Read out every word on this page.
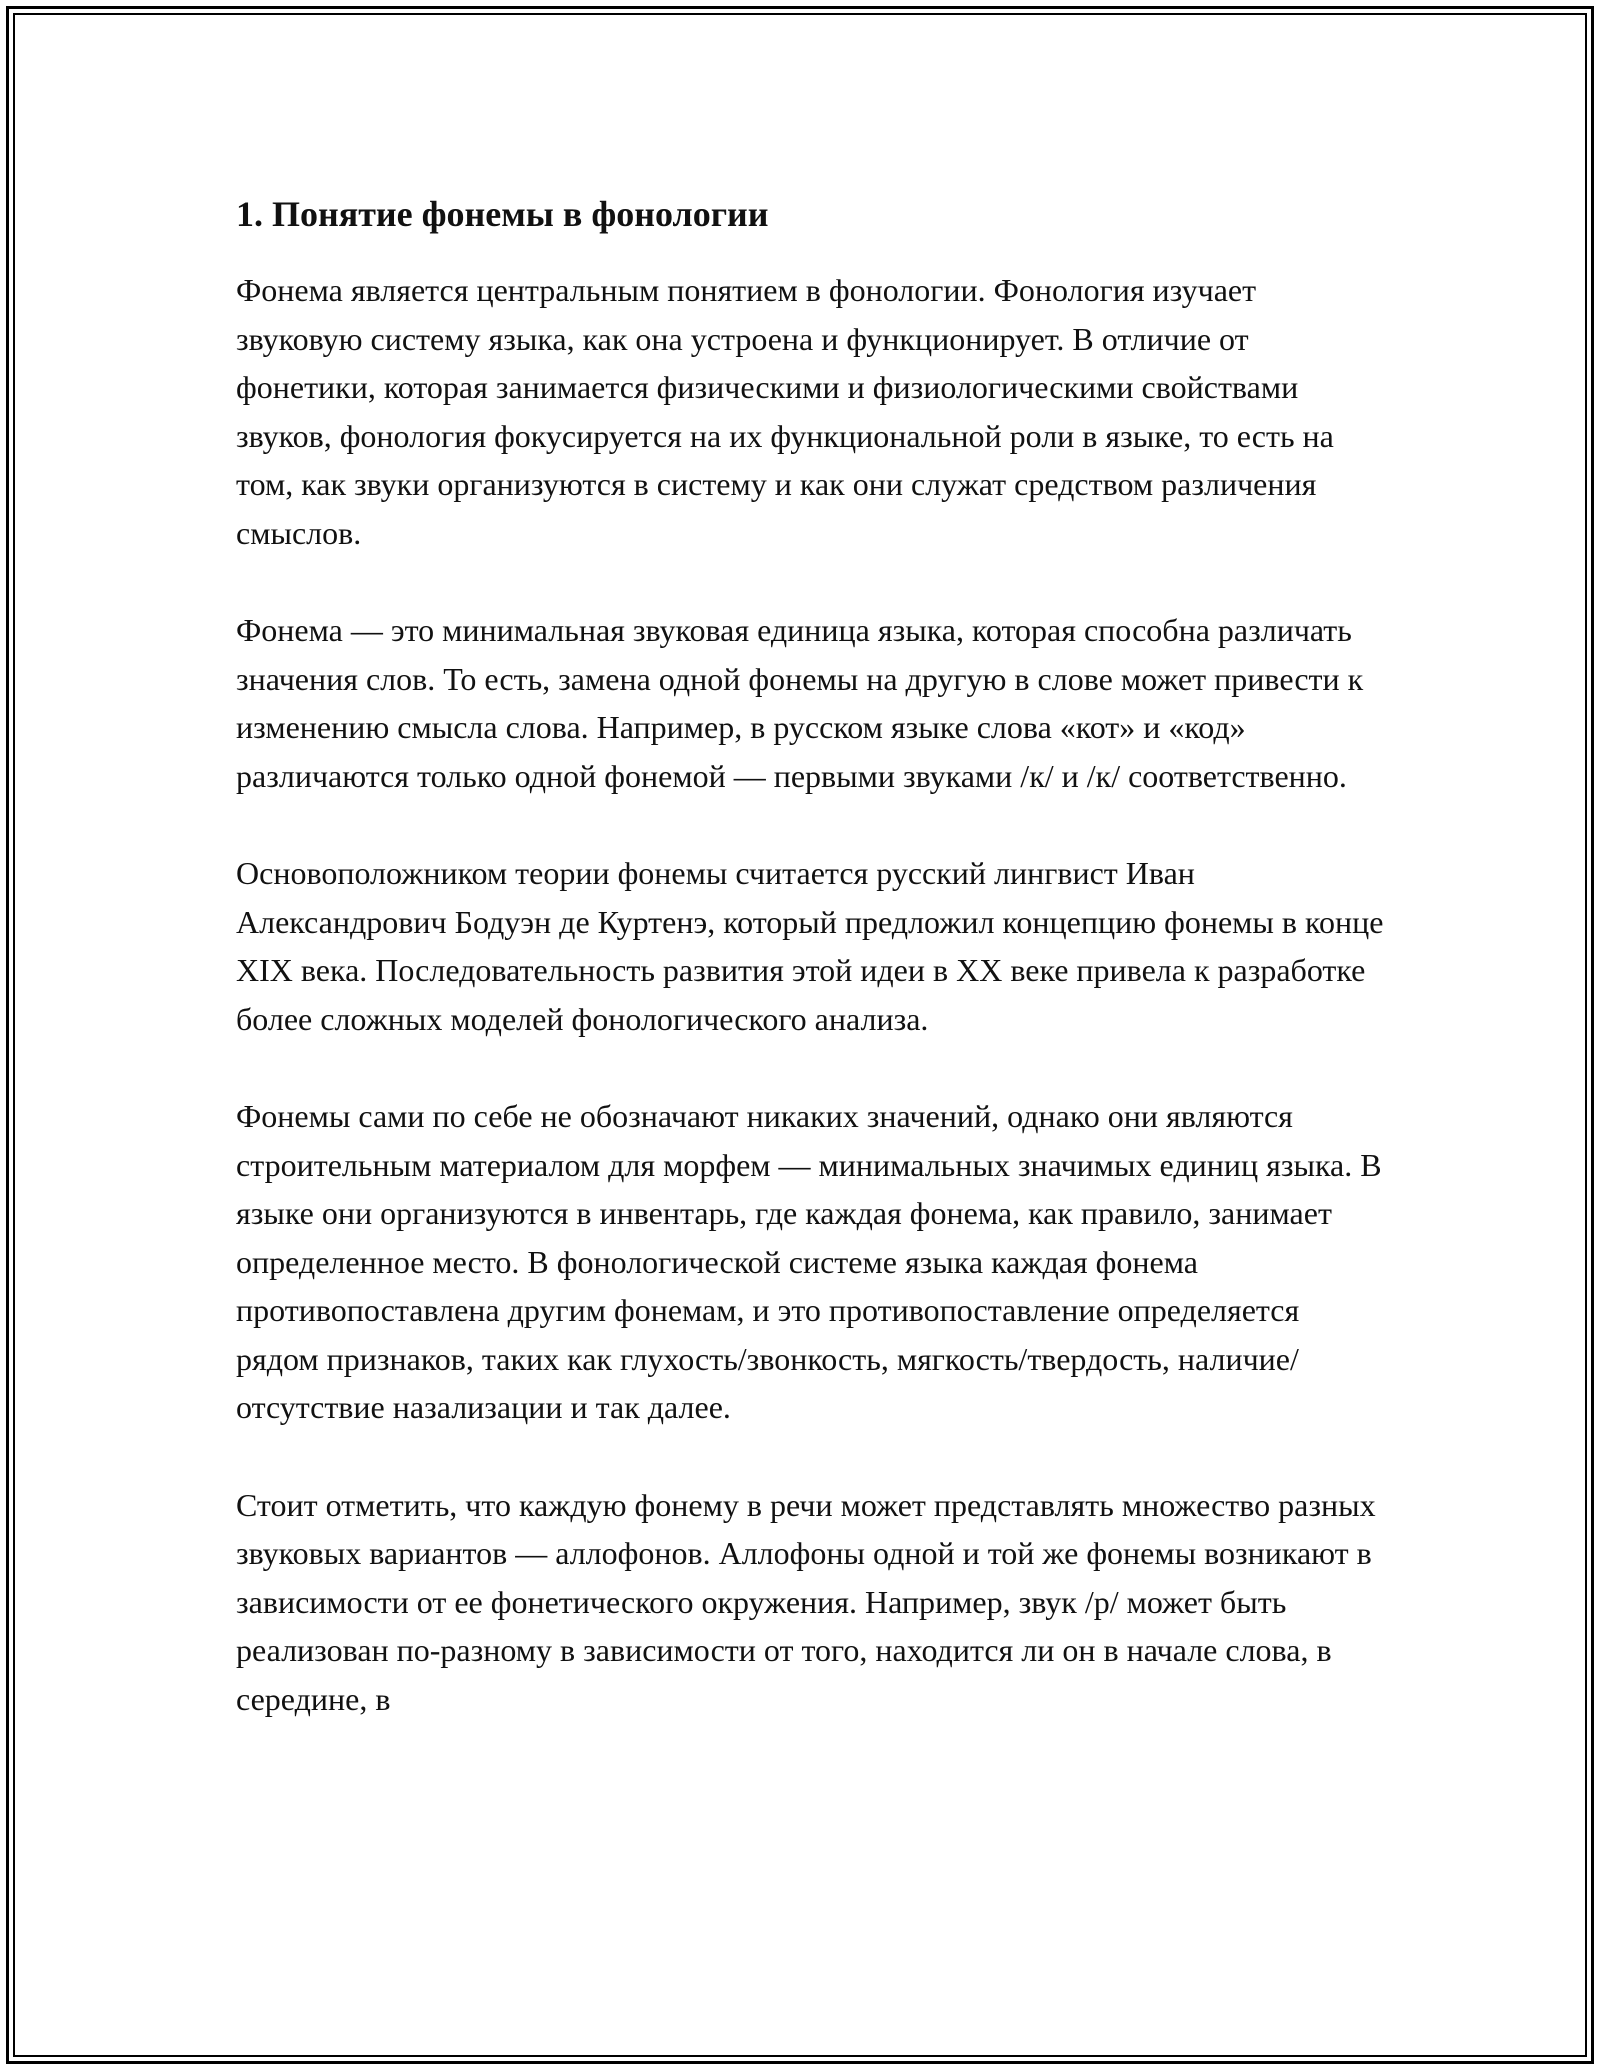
1. Понятие фонемы в фонологии

Фонема является центральным понятием в фонологии. Фонология изучает звуковую систему языка, как она устроена и функционирует. В отличие от фонетики, которая занимается физическими и физиологическими свойствами звуков, фонология фокусируется на их функциональной роли в языке, то есть на том, как звуки организуются в систему и как они служат средством различения смыслов.

Фонема — это минимальная звуковая единица языка, которая способна различать значения слов. То есть, замена одной фонемы на другую в слове может привести к изменению смысла слова. Например, в русском языке слова «кот» и «код» различаются только одной фонемой — первыми звуками /к/ и /к/ соответственно.

Основоположником теории фонемы считается русский лингвист Иван Александрович Бодуэн де Куртенэ, который предложил концепцию фонемы в конце XIX века. Последовательность развития этой идеи в XX веке привела к разработке более сложных моделей фонологического анализа.

Фонемы сами по себе не обозначают никаких значений, однако они являются строительным материалом для морфем — минимальных значимых единиц языка. В языке они организуются в инвентарь, где каждая фонема, как правило, занимает определенное место. В фонологической системе языка каждая фонема противопоставлена другим фонемам, и это противопоставление определяется рядом признаков, таких как глухость/звонкость, мягкость/твердость, наличие/отсутствие назализации и так далее.

Стоит отметить, что каждую фонему в речи может представлять множество разных звуковых вариантов — аллофонов. Аллофоны одной и той же фонемы возникают в зависимости от ее фонетического окружения. Например, звук /р/ может быть реализован по-разному в зависимости от того, находится ли он в начале слова, в середине, в
